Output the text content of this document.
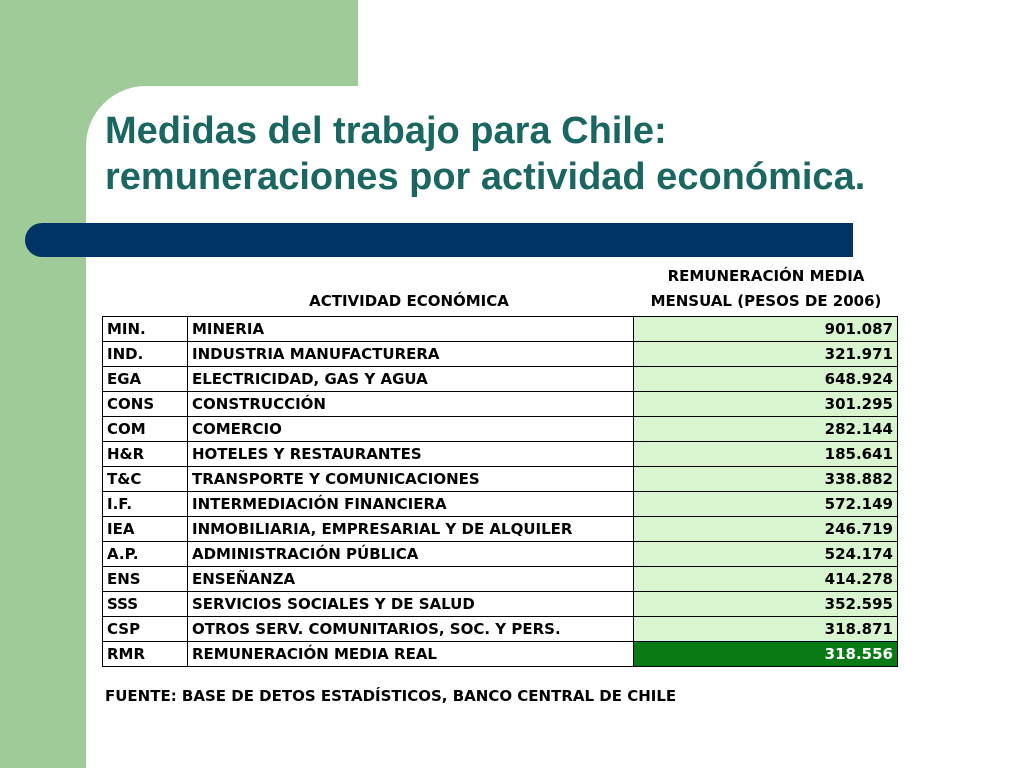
Medidas del trabajo para Chile:
remuneraciones por actividad económica.
ACTIVIDAD ECONÓMICA
REMUNERACIÓN MEDIA
MENSUAL (PESOS DE 2006)
MIN.	MINERIA	901.087
IND.	INDUSTRIA MANUFACTURERA	321.971
EGA	ELECTRICIDAD, GAS Y AGUA	648.924
CONS	CONSTRUCCIÓN	301.295
COM	COMERCIO	282.144
H&R	HOTELES Y RESTAURANTES	185.641
T&C	TRANSPORTE Y COMUNICACIONES	338.882
I.F.	INTERMEDIACIÓN FINANCIERA	572.149
IEA	INMOBILIARIA, EMPRESARIAL Y DE ALQUILER	246.719
A.P.	ADMINISTRACIÓN PÚBLICA	524.174
ENS	ENSEÑANZA	414.278
SSS	SERVICIOS SOCIALES Y DE SALUD	352.595
CSP	OTROS SERV. COMUNITARIOS, SOC. Y PERS.	318.871
RMR	REMUNERACIÓN MEDIA REAL	318.556
FUENTE: BASE DE DETOS ESTADÍSTICOS, BANCO CENTRAL DE CHILE
